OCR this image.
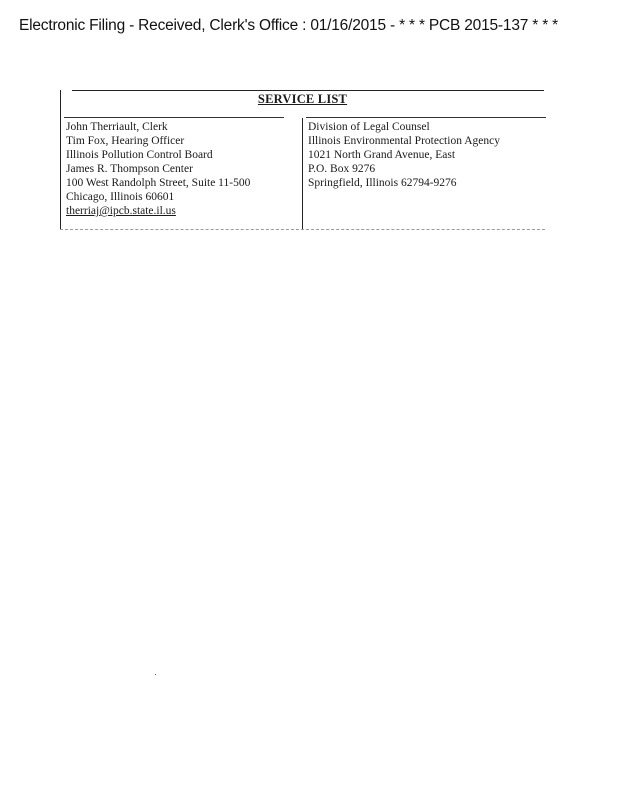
Electronic Filing - Received, Clerk's Office : 01/16/2015 - * * * PCB 2015-137 * * *
SERVICE LIST
John Therriault, Clerk
Tim Fox, Hearing Officer
Illinois Pollution Control Board
James R. Thompson Center
100 West Randolph Street, Suite 11-500
Chicago, Illinois 60601
therriaj@ipcb.state.il.us
Division of Legal Counsel
Illinois Environmental Protection Agency
1021 North Grand Avenue, East
P.O. Box 9276
Springfield, Illinois 62794-9276
